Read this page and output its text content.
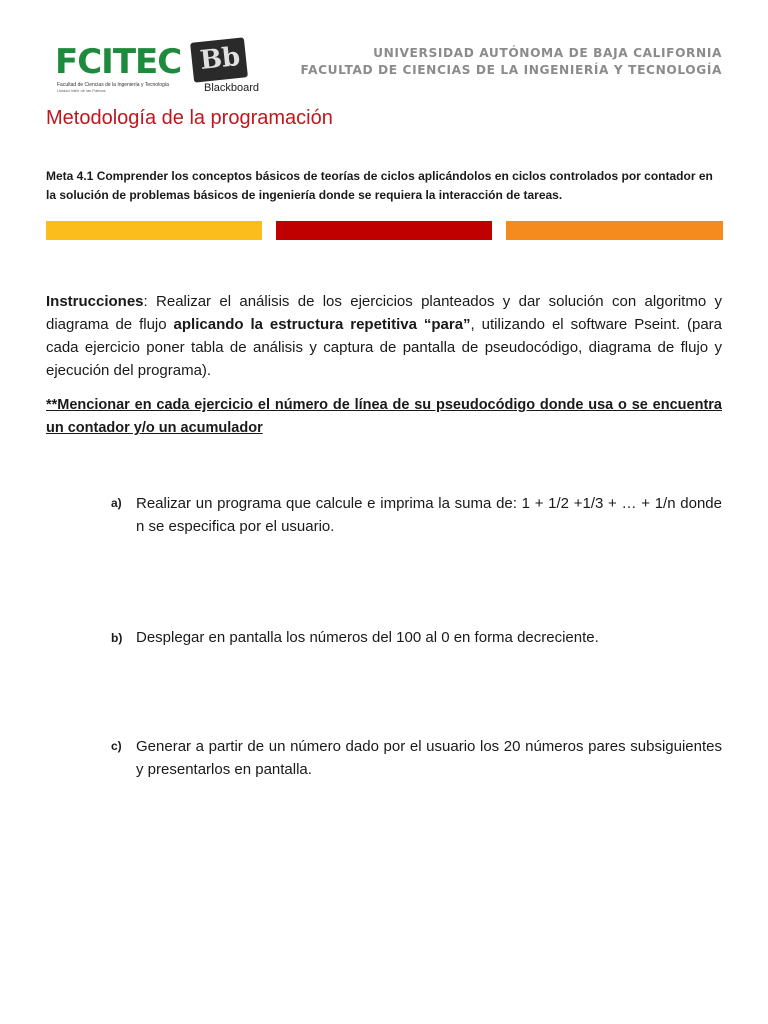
FCITEC
Facultad de Ciencias de la Ingeniería y Tecnología
Unidad Valle de las Palmas
Bb
Blackboard
UNIVERSIDAD AUTÓNOMA DE BAJA CALIFORNIA
FACULTAD DE CIENCIAS DE LA INGENIERÍA Y TECNOLOGÍA
Metodología de la programación
Meta 4.1 Comprender los conceptos básicos de teorías de ciclos aplicándolos en ciclos controlados por contador en la solución de problemas básicos de ingeniería donde se requiera la interacción de tareas.
Instrucciones: Realizar el análisis de los ejercicios planteados y dar solución con algoritmo y diagrama de flujo aplicando la estructura repetitiva “para”, utilizando el software Pseint. (para cada ejercicio poner tabla de análisis y captura de pantalla de pseudocódigo, diagrama de flujo y ejecución del programa).
**Mencionar en cada ejercicio el número de línea de su pseudocódigo donde usa o se encuentra un contador y/o un acumulador
a) Realizar un programa que calcule e imprima la suma de: 1 + 1/2 +1/3 + … + 1/n donde n se especifica por el usuario.
b) Desplegar en pantalla los números del 100 al 0 en forma decreciente.
c) Generar a partir de un número dado por el usuario los 20 números pares subsiguientes y presentarlos en pantalla.
